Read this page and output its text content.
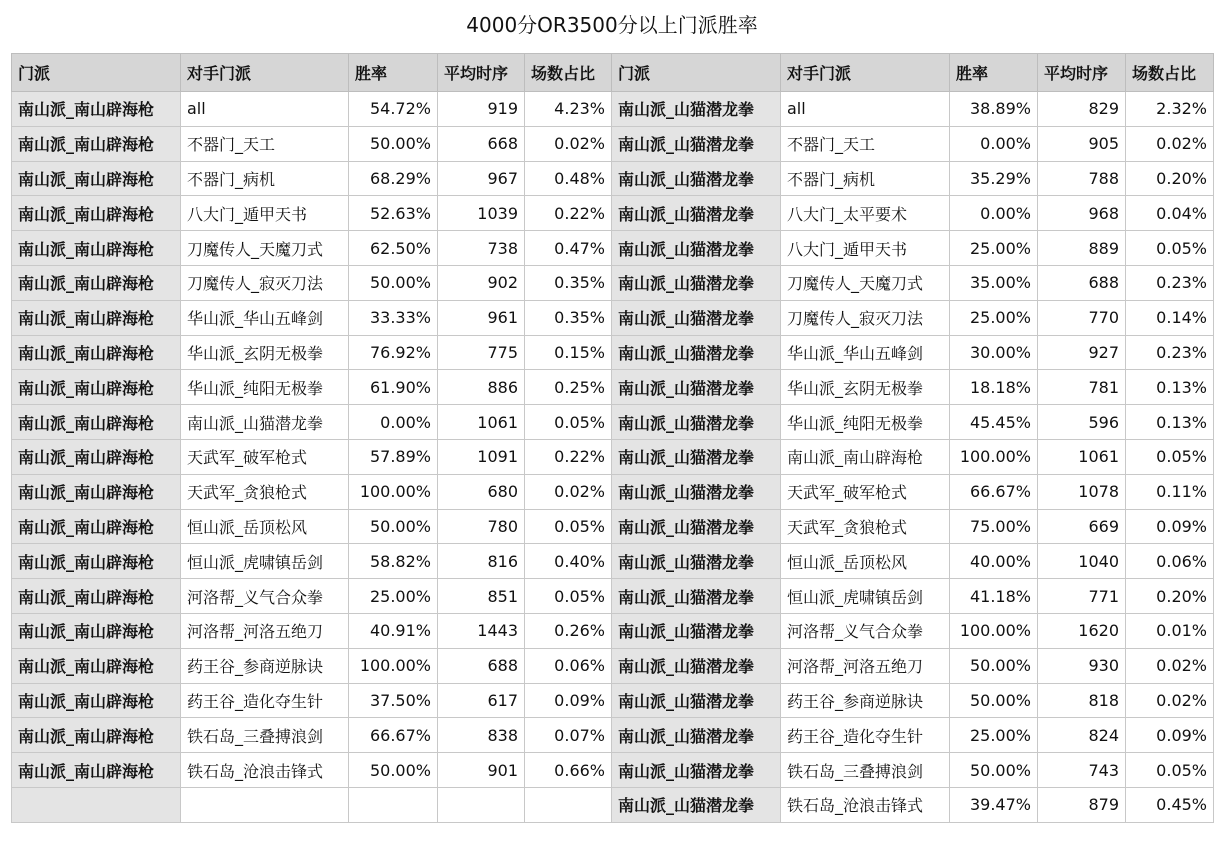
4000分OR3500分以上门派胜率
门派	对手门派	胜率	平均时序	场数占比	门派	对手门派	胜率	平均时序	场数占比
南山派_南山辟海枪	all	54.72%	919	4.23%	南山派_山猫潜龙拳	all	38.89%	829	2.32%
南山派_南山辟海枪	不器门_天工	50.00%	668	0.02%	南山派_山猫潜龙拳	不器门_天工	0.00%	905	0.02%
南山派_南山辟海枪	不器门_病机	68.29%	967	0.48%	南山派_山猫潜龙拳	不器门_病机	35.29%	788	0.20%
南山派_南山辟海枪	八大门_遁甲天书	52.63%	1039	0.22%	南山派_山猫潜龙拳	八大门_太平要术	0.00%	968	0.04%
南山派_南山辟海枪	刀魔传人_天魔刀式	62.50%	738	0.47%	南山派_山猫潜龙拳	八大门_遁甲天书	25.00%	889	0.05%
南山派_南山辟海枪	刀魔传人_寂灭刀法	50.00%	902	0.35%	南山派_山猫潜龙拳	刀魔传人_天魔刀式	35.00%	688	0.23%
南山派_南山辟海枪	华山派_华山五峰剑	33.33%	961	0.35%	南山派_山猫潜龙拳	刀魔传人_寂灭刀法	25.00%	770	0.14%
南山派_南山辟海枪	华山派_玄阴无极拳	76.92%	775	0.15%	南山派_山猫潜龙拳	华山派_华山五峰剑	30.00%	927	0.23%
南山派_南山辟海枪	华山派_纯阳无极拳	61.90%	886	0.25%	南山派_山猫潜龙拳	华山派_玄阴无极拳	18.18%	781	0.13%
南山派_南山辟海枪	南山派_山猫潜龙拳	0.00%	1061	0.05%	南山派_山猫潜龙拳	华山派_纯阳无极拳	45.45%	596	0.13%
南山派_南山辟海枪	天武军_破军枪式	57.89%	1091	0.22%	南山派_山猫潜龙拳	南山派_南山辟海枪	100.00%	1061	0.05%
南山派_南山辟海枪	天武军_贪狼枪式	100.00%	680	0.02%	南山派_山猫潜龙拳	天武军_破军枪式	66.67%	1078	0.11%
南山派_南山辟海枪	恒山派_岳顶松风	50.00%	780	0.05%	南山派_山猫潜龙拳	天武军_贪狼枪式	75.00%	669	0.09%
南山派_南山辟海枪	恒山派_虎啸镇岳剑	58.82%	816	0.40%	南山派_山猫潜龙拳	恒山派_岳顶松风	40.00%	1040	0.06%
南山派_南山辟海枪	河洛帮_义气合众拳	25.00%	851	0.05%	南山派_山猫潜龙拳	恒山派_虎啸镇岳剑	41.18%	771	0.20%
南山派_南山辟海枪	河洛帮_河洛五绝刀	40.91%	1443	0.26%	南山派_山猫潜龙拳	河洛帮_义气合众拳	100.00%	1620	0.01%
南山派_南山辟海枪	药王谷_参商逆脉诀	100.00%	688	0.06%	南山派_山猫潜龙拳	河洛帮_河洛五绝刀	50.00%	930	0.02%
南山派_南山辟海枪	药王谷_造化夺生针	37.50%	617	0.09%	南山派_山猫潜龙拳	药王谷_参商逆脉诀	50.00%	818	0.02%
南山派_南山辟海枪	铁石岛_三叠搏浪剑	66.67%	838	0.07%	南山派_山猫潜龙拳	药王谷_造化夺生针	25.00%	824	0.09%
南山派_南山辟海枪	铁石岛_沧浪击锋式	50.00%	901	0.66%	南山派_山猫潜龙拳	铁石岛_三叠搏浪剑	50.00%	743	0.05%
					南山派_山猫潜龙拳	铁石岛_沧浪击锋式	39.47%	879	0.45%
